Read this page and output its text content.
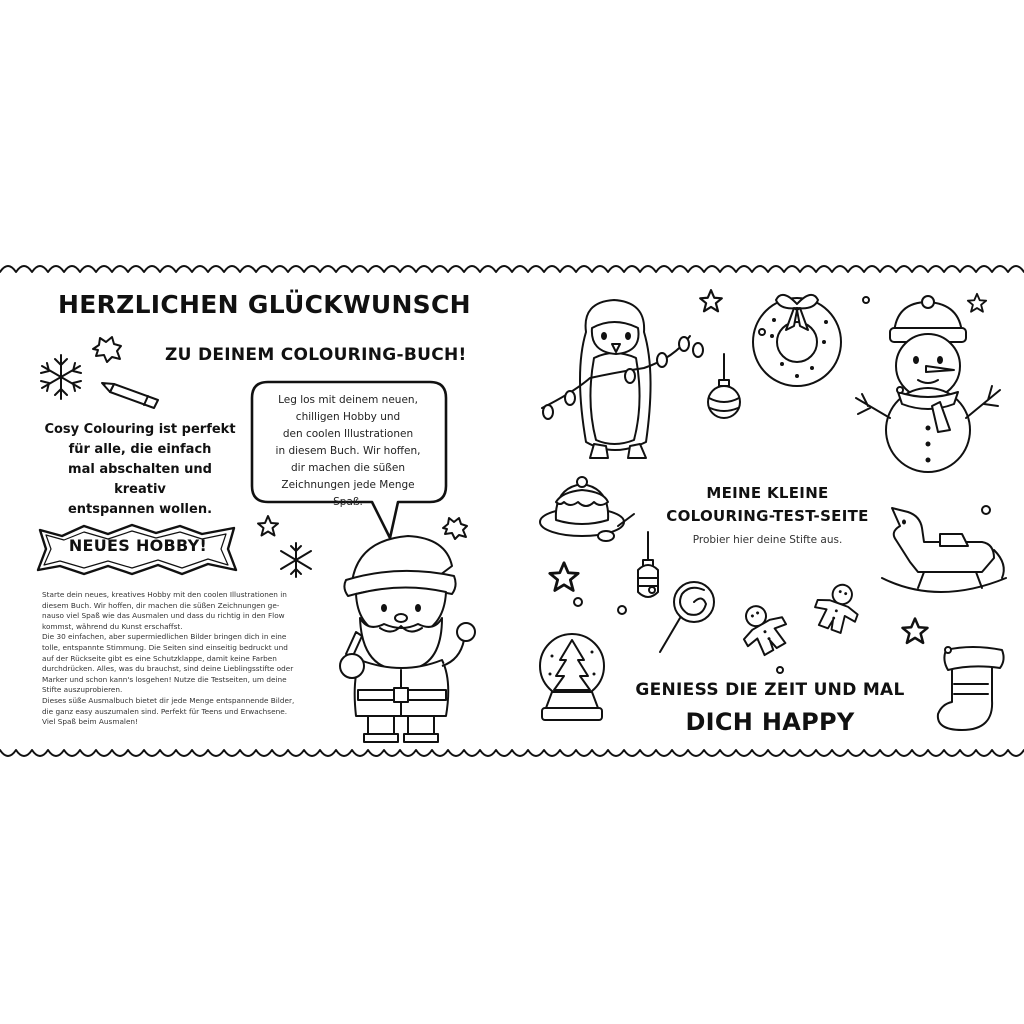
HERZLICHEN GLÜCKWUNSCH
ZU DEINEM COLOURING-BUCH!
Cosy Colouring ist perfekt
für alle, die einfach
mal abschalten und kreativ
entspannen wollen.
NEUES HOBBY!
Leg los mit deinem neuen,
chilligen Hobby und
den coolen Illustrationen
in diesem Buch. Wir hoffen,
dir machen die süßen
Zeichnungen jede Menge Spaß.

Starte dein neues, kreatives Hobby mit den coolen Illustrationen in

diesem Buch. Wir hoffen, dir machen die süßen Zeichnungen ge-

nauso viel Spaß wie das Ausmalen und dass du richtig in den Flow

kommst, während du Kunst erschaffst.

Die 30 einfachen, aber supermiedlichen Bilder bringen dich in eine

tolle, entspannte Stimmung. Die Seiten sind einseitig bedruckt und

auf der Rückseite gibt es eine Schutzklappe, damit keine Farben

durchdrücken. Alles, was du brauchst, sind deine Lieblingsstifte oder

Marker und schon kann's losgehen! Nutze die Testseiten, um deine

Stifte auszuprobieren.

Dieses süße Ausmalbuch bietet dir jede Menge entspannende Bilder,

die ganz easy auszumalen sind. Perfekt für Teens und Erwachsene.

Viel Spaß beim Ausmalen!

MEINE KLEINE
COLOURING-TEST-SEITE
Probier hier deine Stifte aus.
GENIESS DIE ZEIT UND MAL
DICH HAPPY
